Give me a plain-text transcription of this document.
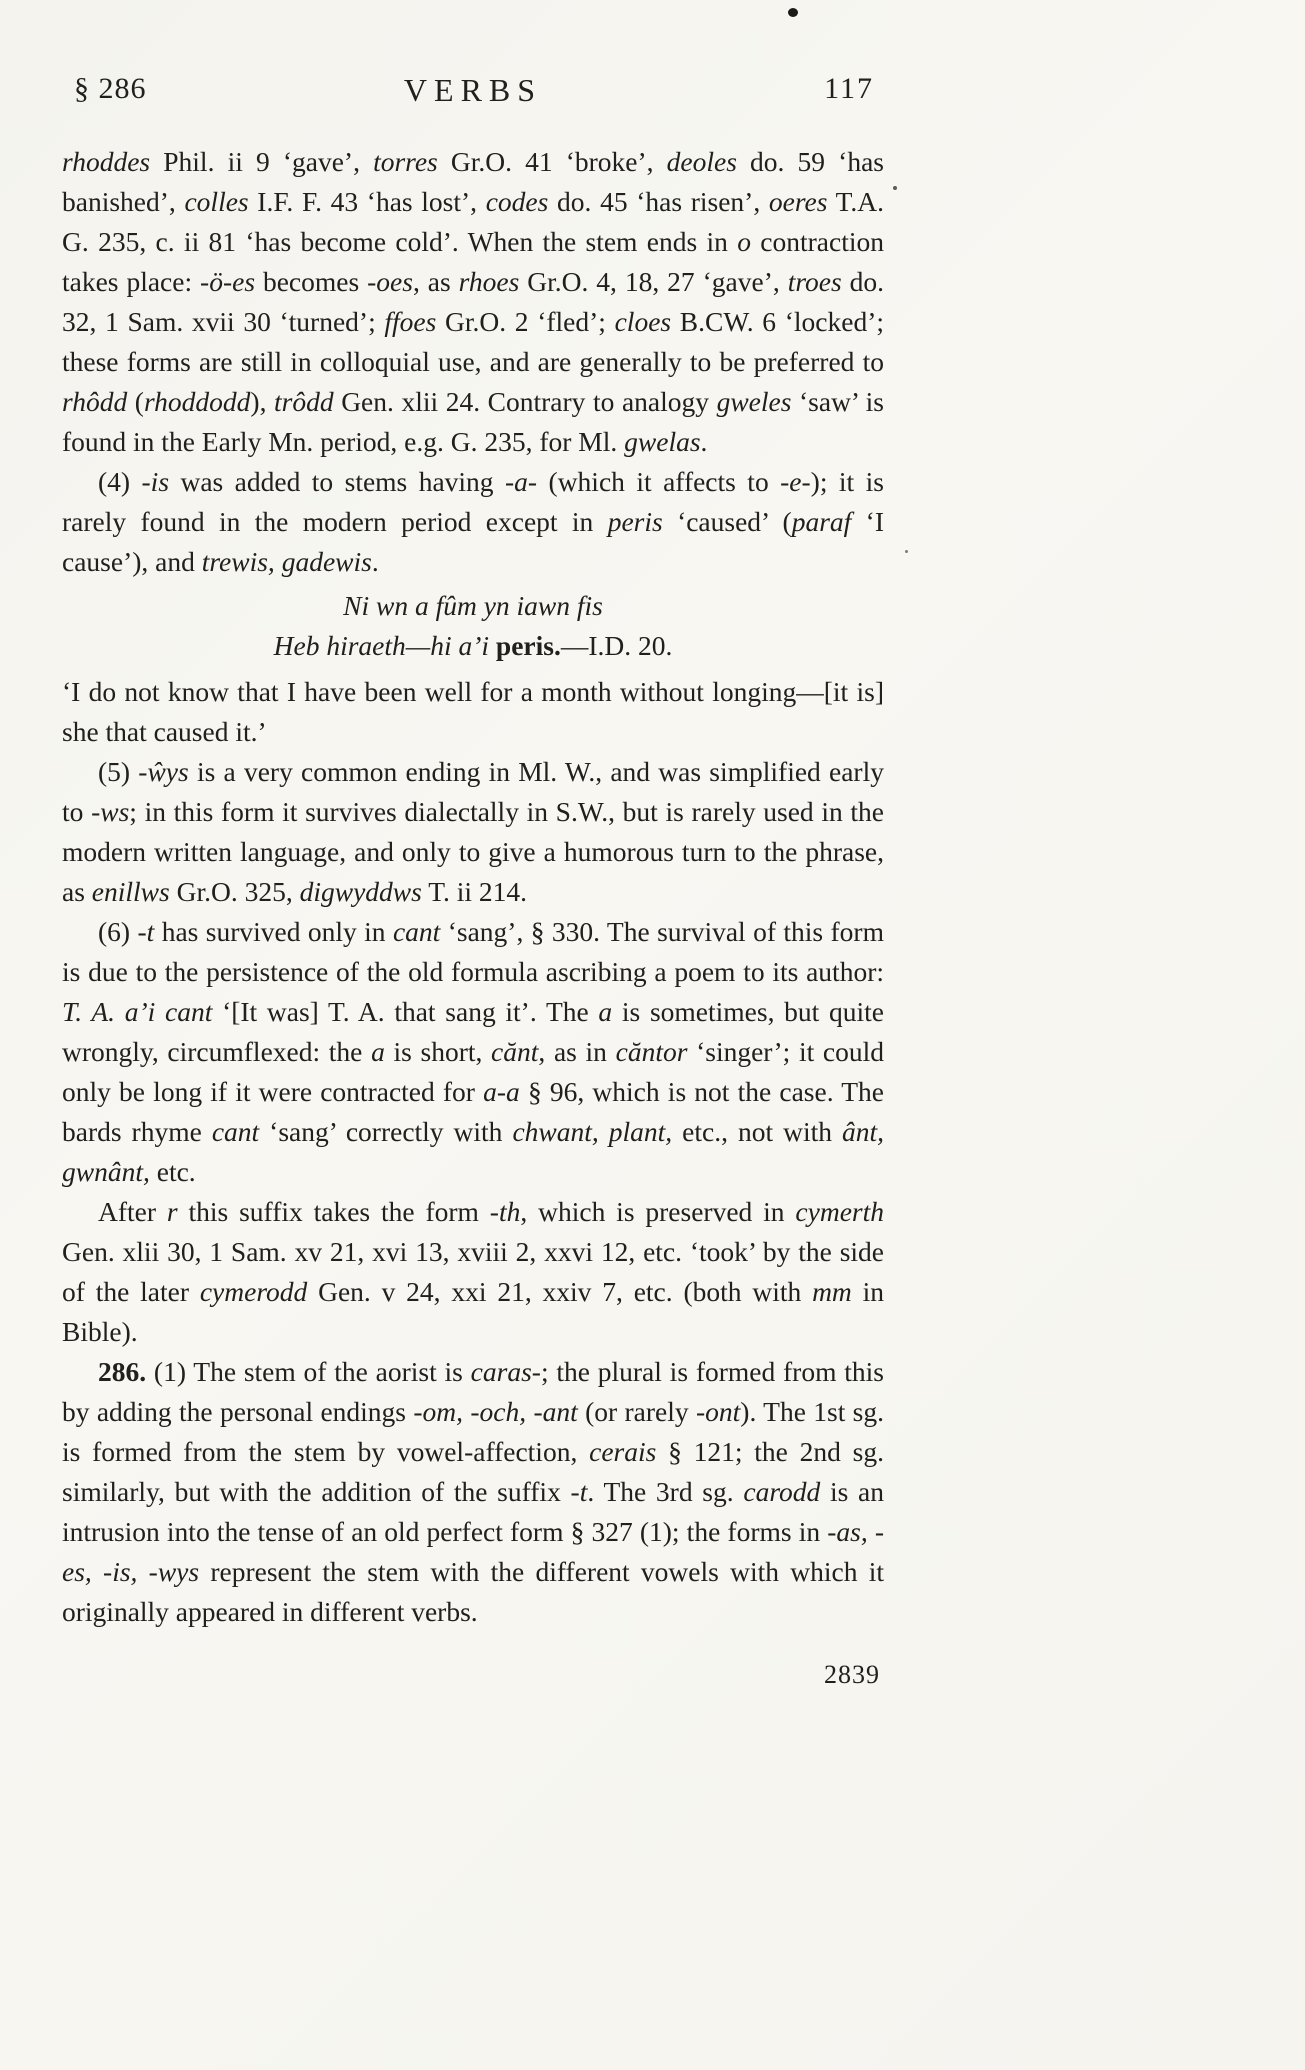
§ 286	VERBS	117

rhoddes Phil. ii 9 ‘gave’, torres Gr.O. 41 ‘broke’, deoles do. 59 ‘has banished’, colles I.F. F. 43 ‘has lost’, codes do. 45 ‘has risen’, oeres T.A. G. 235, c. ii 81 ‘has become cold’. When the stem ends in o contraction takes place: -ö-es becomes -oes, as rhoes Gr.O. 4, 18, 27 ‘gave’, troes do. 32, 1 Sam. xvii 30 ‘turned’; ffoes Gr.O. 2 ‘fled’; cloes B.CW. 6 ‘locked’; these forms are still in colloquial use, and are generally to be preferred to rhôdd (rhoddodd), trôdd Gen. xlii 24. Contrary to analogy gweles ‘saw’ is found in the Early Mn. period, e.g. G. 235, for Ml. gwelas.

(4) -is was added to stems having -a- (which it affects to -e-); it is rarely found in the modern period except in peris ‘caused’ (paraf ‘I cause’), and trewis, gadewis.

Ni wn a fûm yn iawn fis
Heb hiraeth—hi a’i peris.—I.D. 20.

‘I do not know that I have been well for a month without longing—[it is] she that caused it.’

(5) -ŵys is a very common ending in Ml. W., and was simplified early to -ws; in this form it survives dialectally in S.W., but is rarely used in the modern written language, and only to give a humorous turn to the phrase, as enillws Gr.O. 325, digwyddws T. ii 214.

(6) -t has survived only in cant ‘sang’, § 330. The survival of this form is due to the persistence of the old formula ascribing a poem to its author: T. A. a’i cant ‘[It was] T. A. that sang it’. The a is sometimes, but quite wrongly, circumflexed: the a is short, cănt, as in căntor ‘singer’; it could only be long if it were contracted for a-a § 96, which is not the case. The bards rhyme cant ‘sang’ correctly with chwant, plant, etc., not with ânt, gwnânt, etc.

After r this suffix takes the form -th, which is preserved in cymerth Gen. xlii 30, 1 Sam. xv 21, xvi 13, xviii 2, xxvi 12, etc. ‘took’ by the side of the later cymerodd Gen. v 24, xxi 21, xxiv 7, etc. (both with mm in Bible).

286. (1) The stem of the aorist is caras-; the plural is formed from this by adding the personal endings -om, -och, -ant (or rarely -ont). The 1st sg. is formed from the stem by vowel-affection, cerais § 121; the 2nd sg. similarly, but with the addition of the suffix -t. The 3rd sg. carodd is an intrusion into the tense of an old perfect form § 327 (1); the forms in -as, -es, -is, -wys represent the stem with the different vowels with which it originally appeared in different verbs.

2839
